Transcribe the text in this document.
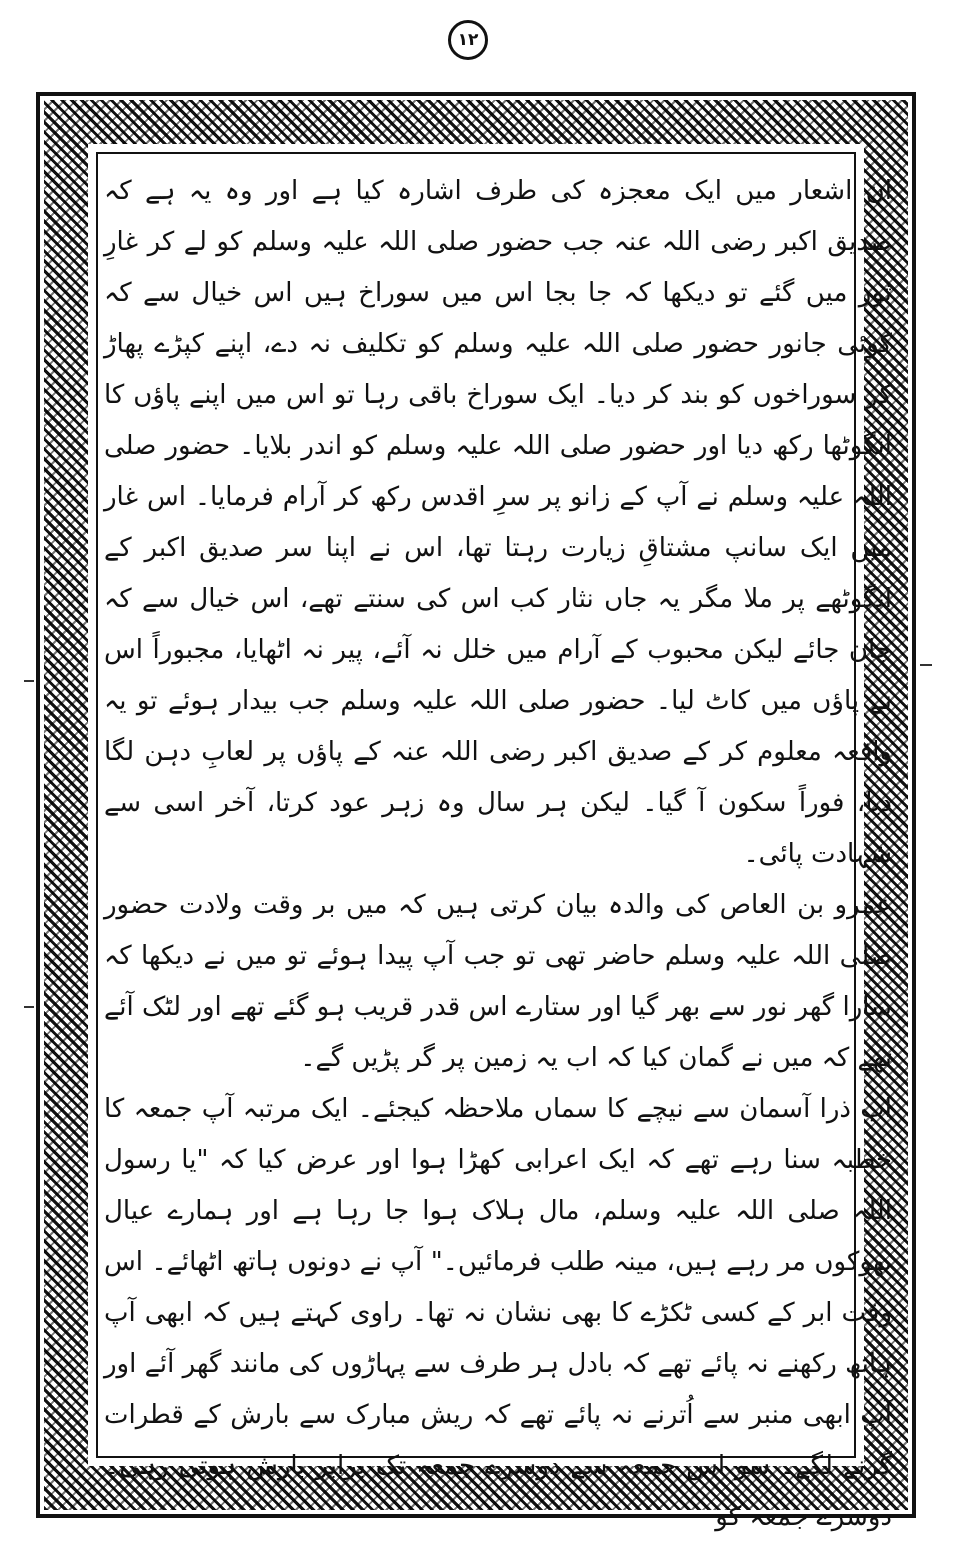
۱۲

ان اشعار میں ایک معجزہ کی طرف اشارہ کیا ہے اور وہ یہ ہے کہ صدیق اکبر رضی اللہ عنہ جب حضور صلی اللہ علیہ وسلم کو لے کر غارِ ثور میں گئے تو دیکھا کہ جا بجا اس میں سوراخ ہیں اس خیال سے کہ کوئی جانور حضور صلی اللہ علیہ وسلم کو تکلیف نہ دے، اپنے کپڑے پھاڑ کر سوراخوں کو بند کر دیا۔ ایک سوراخ باقی رہا تو اس میں اپنے پاؤں کا انگوٹھا رکھ دیا اور حضور صلی اللہ علیہ وسلم کو اندر بلایا۔ حضور صلی اللہ علیہ وسلم نے آپ کے زانو پر سرِ اقدس رکھ کر آرام فرمایا۔ اس غار میں ایک سانپ مشتاقِ زیارت رہتا تھا، اس نے اپنا سر صدیق اکبر کے انگوٹھے پر ملا مگر یہ جاں نثار کب اس کی سنتے تھے، اس خیال سے کہ جان جائے لیکن محبوب کے آرام میں خلل نہ آئے، پیر نہ اٹھایا، مجبوراً اس نے پاؤں میں کاٹ لیا۔ حضور صلی اللہ علیہ وسلم جب بیدار ہوئے تو یہ واقعہ معلوم کر کے صدیق اکبر رضی اللہ عنہ کے پاؤں پر لعابِ دہن لگا دیا، فوراً سکون آ گیا۔ لیکن ہر سال وہ زہر عود کرتا، آخر اسی سے شہادت پائی۔

عمرو بن العاص کی والدہ بیان کرتی ہیں کہ میں بر وقت ولادت حضور صلی اللہ علیہ وسلم حاضر تھی تو جب آپ پیدا ہوئے تو میں نے دیکھا کہ سارا گھر نور سے بھر گیا اور ستارے اس قدر قریب ہو گئے تھے اور لٹک آئے تھے کہ میں نے گمان کیا کہ اب یہ زمین پر گر پڑیں گے۔

اب ذرا آسمان سے نیچے کا سماں ملاحظہ کیجئے۔ ایک مرتبہ آپ جمعہ کا خطبہ سنا رہے تھے کہ ایک اعرابی کھڑا ہوا اور عرض کیا کہ "یا رسول اللہ صلی اللہ علیہ وسلم، مال ہلاک ہوا جا رہا ہے اور ہمارے عیال بھوکوں مر رہے ہیں، مینہ طلب فرمائیں۔" آپ نے دونوں ہاتھ اٹھائے۔ اس وقت ابر کے کسی ٹکڑے کا بھی نشان نہ تھا۔ راوی کہتے ہیں کہ ابھی آپ ہاتھ رکھنے نہ پائے تھے کہ بادل ہر طرف سے پہاڑوں کی مانند گھر آئے اور آپ ابھی منبر سے اُترنے نہ پائے تھے کہ ریش مبارک سے بارش کے قطرات گرنے لگے۔ سو اس جمعہ سے دوسرے جمعہ تک برابر بارش ہوتی رہی۔ دوسرے جمعہ کو
